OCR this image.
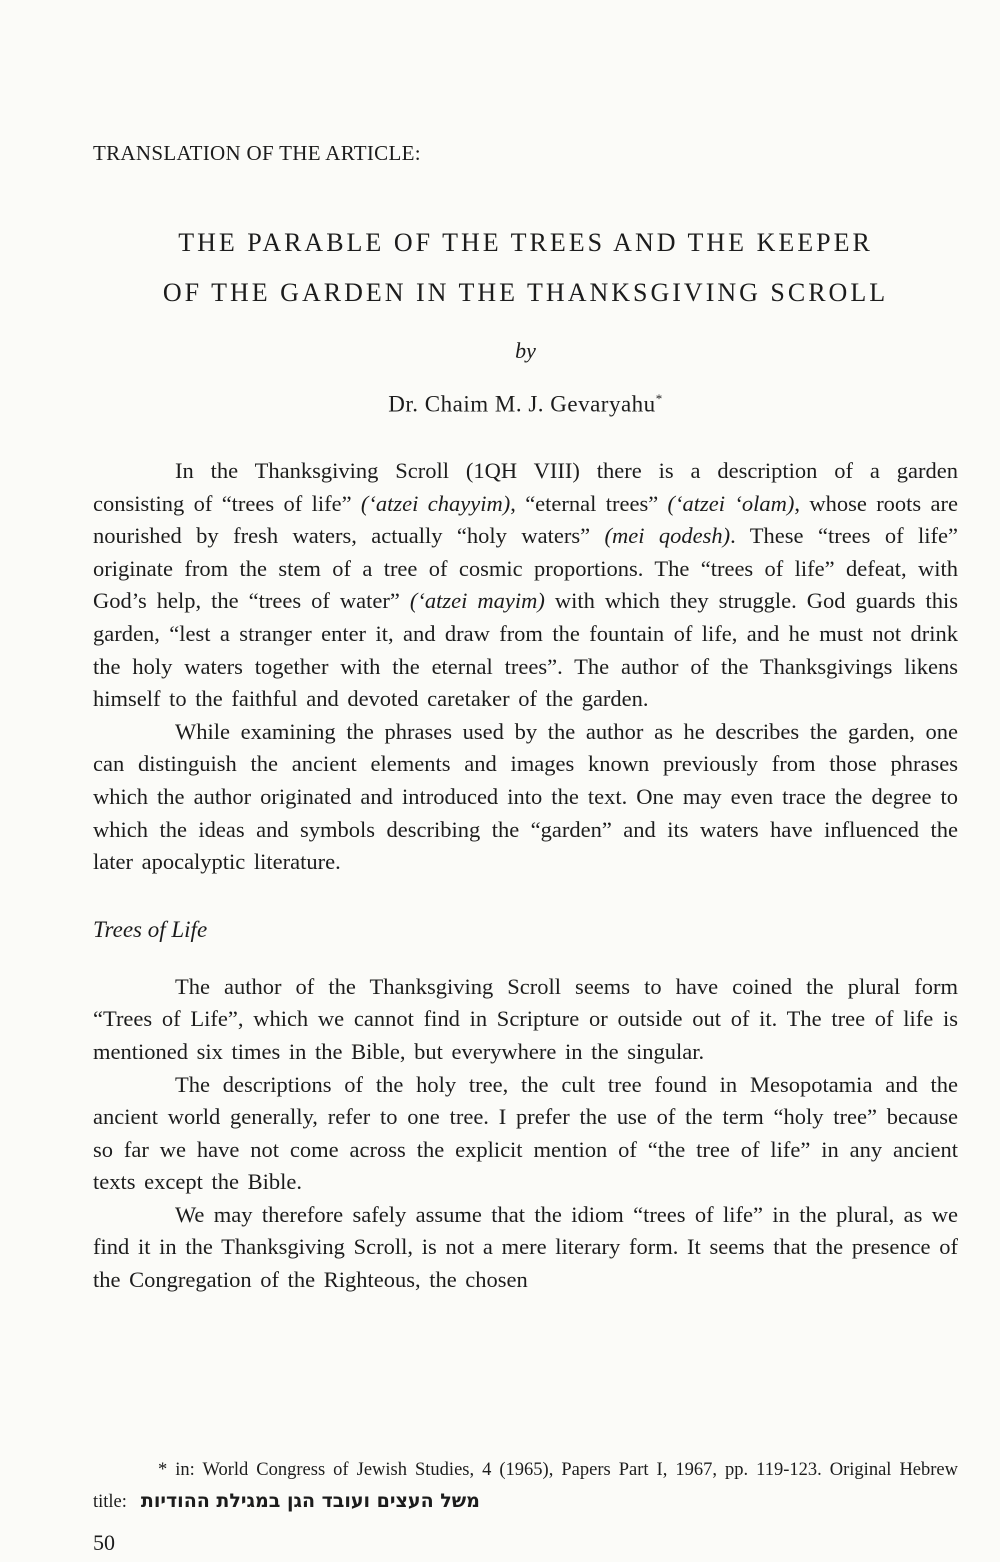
TRANSLATION OF THE ARTICLE:
THE PARABLE OF THE TREES AND THE KEEPER
OF THE GARDEN IN THE THANKSGIVING SCROLL
by
Dr. Chaim M. J. Gevaryahu*

In the Thanksgiving Scroll (1QH VIII) there is a description of a garden consisting of “trees of life” (‘atzei chayyim), “eternal trees” (‘atzei ‘olam), whose roots are nourished by fresh waters, actually “holy waters” (mei qodesh). These “trees of life” originate from the stem of a tree of cosmic proportions. The “trees of life” defeat, with God’s help, the “trees of water” (‘atzei mayim) with which they struggle. God guards this garden, “lest a stranger enter it, and draw from the fountain of life, and he must not drink the holy waters together with the eternal trees”. The author of the Thanksgivings likens himself to the faithful and devoted caretaker of the garden.

While examining the phrases used by the author as he describes the garden, one can distinguish the ancient elements and images known previously from those phrases which the author originated and introduced into the text. One may even trace the degree to which the ideas and symbols describing the “garden” and its waters have influenced the later apocalyptic literature.

Trees of Life

The author of the Thanksgiving Scroll seems to have coined the plural form “Trees of Life”, which we cannot find in Scripture or outside out of it. The tree of life is mentioned six times in the Bible, but everywhere in the singular.

The descriptions of the holy tree, the cult tree found in Mesopotamia and the ancient world generally, refer to one tree. I prefer the use of the term “holy tree” because so far we have not come across the explicit mention of “the tree of life” in any ancient texts except the Bible.

We may therefore safely assume that the idiom “trees of life” in the plural, as we find it in the Thanksgiving Scroll, is not a mere literary form. It seems that the presence of the Congregation of the Righteous, the chosen

* in: World Congress of Jewish Studies, 4 (1965), Papers Part I, 1967, pp. 119-123. Original Hebrew title: משל העצים ועובד הגן במגילת ההודיות

50
